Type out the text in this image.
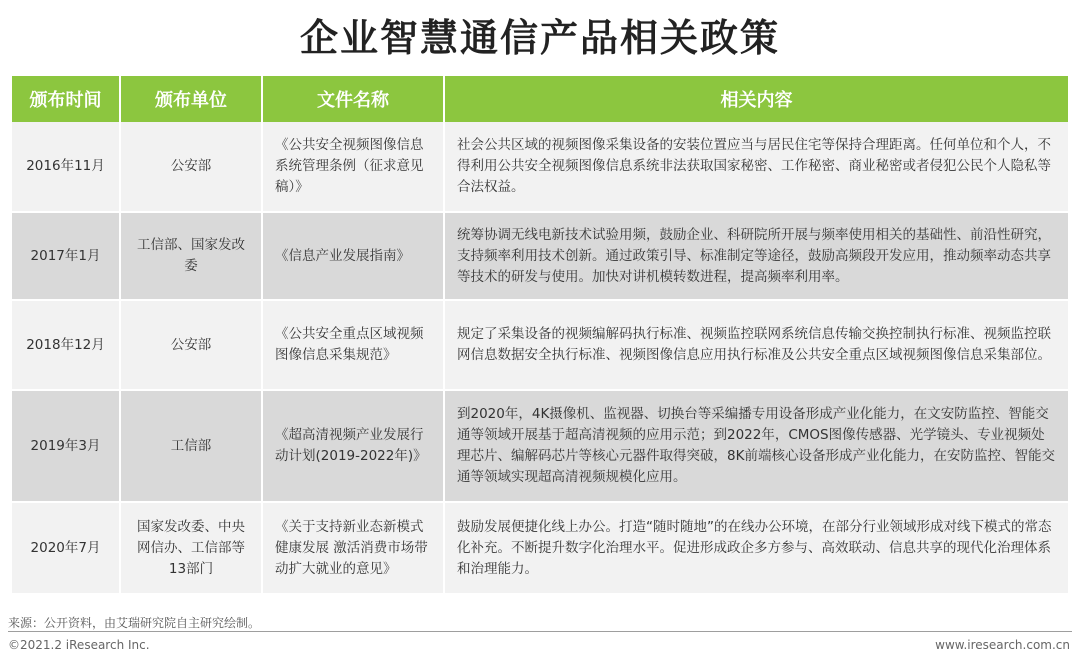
企业智慧通信产品相关政策
颁布时间	颁布单位	文件名称	相关内容
2016年11月	公安部	《公共安全视频图像信息系统管理条例（征求意见稿）》	社会公共区域的视频图像采集设备的安装位置应当与居民住宅等保持合理距离。任何单位和个人，不得利用公共安全视频图像信息系统非法获取国家秘密、工作秘密、商业秘密或者侵犯公民个人隐私等合法权益。
2017年1月	工信部、国家发改委	《信息产业发展指南》	统筹协调无线电新技术试验用频，鼓励企业、科研院所开展与频率使用相关的基础性、前沿性研究，支持频率利用技术创新。通过政策引导、标准制定等途径，鼓励高频段开发应用，推动频率动态共享等技术的研发与使用。加快对讲机模转数进程，提高频率利用率。
2018年12月	公安部	《公共安全重点区域视频图像信息采集规范》	规定了采集设备的视频编解码执行标准、视频监控联网系统信息传输交换控制执行标准、视频监控联网信息数据安全执行标准、视频图像信息应用执行标准及公共安全重点区域视频图像信息采集部位。
2019年3月	工信部	《超高清视频产业发展行动计划(2019-2022年)》	到2020年，4K摄像机、监视器、切换台等采编播专用设备形成产业化能力，在文安防监控、智能交通等领域开展基于超高清视频的应用示范；到2022年，CMOS图像传感器、光学镜头、专业视频处理芯片、编解码芯片等核心元器件取得突破，8K前端核心设备形成产业化能力，在安防监控、智能交通等领域实现超高清视频规模化应用。
2020年7月	国家发改委、中央网信办、工信部等13部门	《关于支持新业态新模式健康发展 激活消费市场带动扩大就业的意见》	鼓励发展便捷化线上办公。打造“随时随地”的在线办公环境，在部分行业领域形成对线下模式的常态化补充。不断提升数字化治理水平。促进形成政企多方参与、高效联动、信息共享的现代化治理体系和治理能力。
来源：公开资料，由艾瑞研究院自主研究绘制。
©2021.2 iResearch Inc.	www.iresearch.com.cn
